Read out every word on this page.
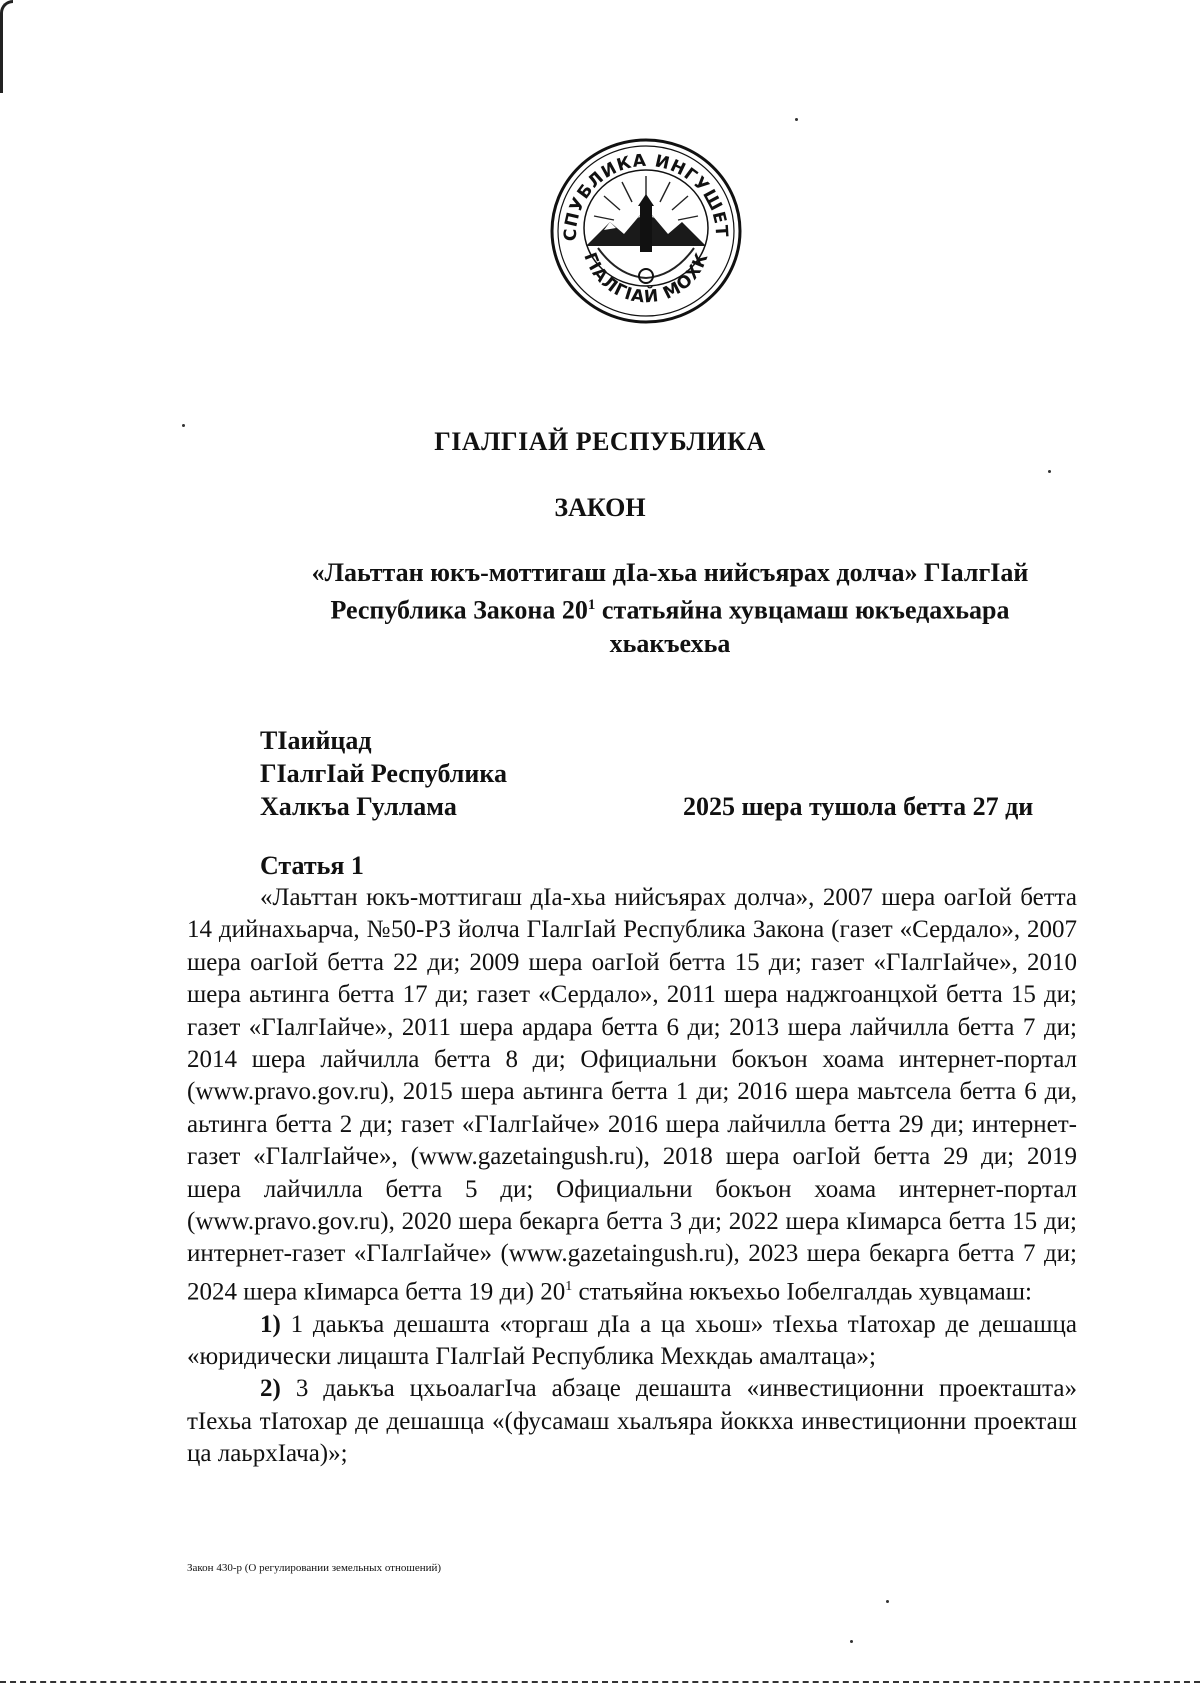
СПУБЛИКА ИНГУШЕТ
ГIАЛГIАЙ МОХК
ГIАЛГIАЙ РЕСПУБЛИКА
ЗАКОН
«Лаьттан юкъ-моттигаш дIа-хьа нийсъярах долча» ГIалгIай
Республика Закона $20^1$ статьяйна хувцамаш юкъедахьара
хьакъехьа
ТIаийцад
ГIалгIай Республика
Халкъа Гуллама	2025 шера тушола бетта 27 ди
Статья 1

«Лаьттан юкъ-моттигаш дIа-хьа нийсъярах долча», 2007 шера оагIой бетта 14 дийнахьарча, №50-РЗ йолча ГIалгIай Республика Закона (газет «Сердало», 2007 шера оагIой бетта 22 ди; 2009 шера оагIой бетта 15 ди; газет «ГIалгIайче», 2010 шера аьтинга бетта 17 ди; газет «Сердало», 2011 шера наджгоанцхой бетта 15 ди; газет «ГIалгIайче», 2011 шера ардара бетта 6 ди; 2013 шера лайчилла бетта 7 ди; 2014 шера лайчилла бетта 8 ди; Официальни бокъон хоама интернет-портал (www.pravo.gov.ru), 2015 шера аьтинга бетта 1 ди; 2016 шера маьтсела бетта 6 ди, аьтинга бетта 2 ди; газет «ГIалгIайче» 2016 шера лайчилла бетта 29 ди; интернет-газет «ГIалгIайче», (www.gazetaingush.ru), 2018 шера оагIой бетта 29 ди; 2019 шера лайчилла бетта 5 ди; Официальни бокъон хоама интернет-портал (www.pravo.gov.ru), 2020 шера бекарга бетта 3 ди; 2022 шера кIимарса бетта 15 ди; интернет-газет «ГIалгIайче» (www.gazetaingush.ru), 2023 шера бекарга бетта 7 ди; 2024 шера кIимарса бетта 19 ди) $20^1$ статьяйна юкъехьо Iобелгалдаь хувцамаш:

1) 1 даькъа дешашта «торгаш дIа а ца хьош» тIехьа тIатохар де дешашца «юридически лицашта ГIалгIай Республика Мехкдаь амалтаца»;

2) 3 даькъа цхьоалагIча абзаце дешашта «инвестиционни проекташта» тIехьа тIатохар де дешашца «(фусамаш хьалъяра йоккха инвестиционни проекташ ца лаьрхIача)»;

Закон 430-р (О регулировании земельных отношений)
